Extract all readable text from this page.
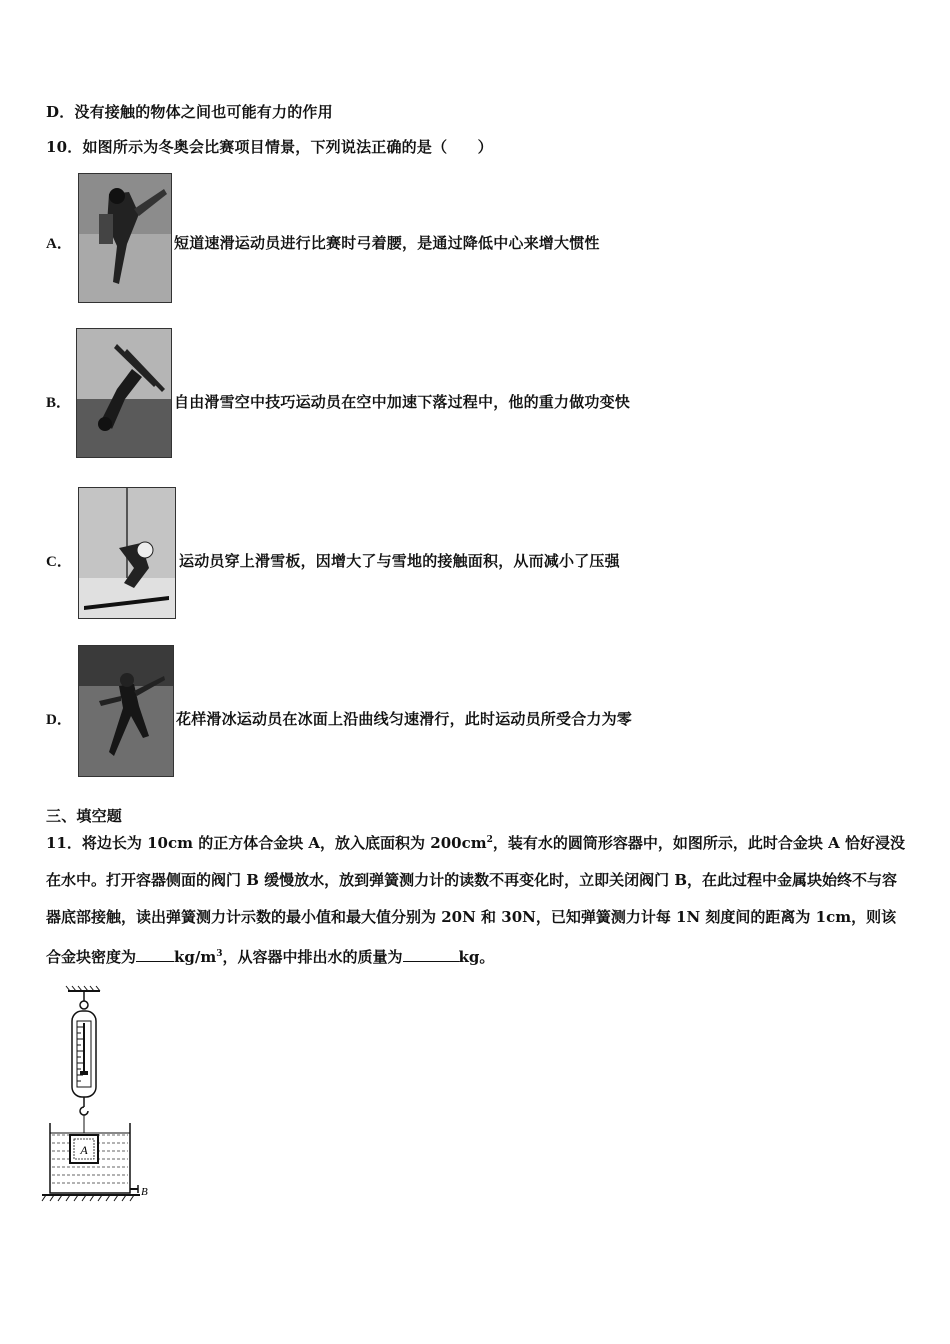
D．没有接触的物体之间也可能有力的作用
10．如图所示为冬奥会比赛项目情景，下列说法正确的是（　　）
A．	短道速滑运动员进行比赛时弓着腰，是通过降低中心来增大惯性
B．	自由滑雪空中技巧运动员在空中加速下落过程中，他的重力做功变快
C．	运动员穿上滑雪板，因增大了与雪地的接触面积，从而减小了压强
D．	花样滑冰运动员在冰面上沿曲线匀速滑行，此时运动员所受合力为零
三、填空题
11．将边长为 10cm 的正方体合金块 A，放入底面积为 $200cm^2$，装有水的圆筒形容器中，如图所示，此时合金块 A 恰好浸没在水中。打开容器侧面的阀门 B 缓慢放水，放到弹簧测力计的读数不再变化时，立即关闭阀门 B，在此过程中金属块始终不与容器底部接触，读出弹簧测力计示数的最小值和最大值分别为 20N 和 30N，已知弹簧测力计每 1N 刻度间的距离为 1cm，则该合金块密度为	$kg/m^3$，从容器中排出水的质量为	kg。
A
B
